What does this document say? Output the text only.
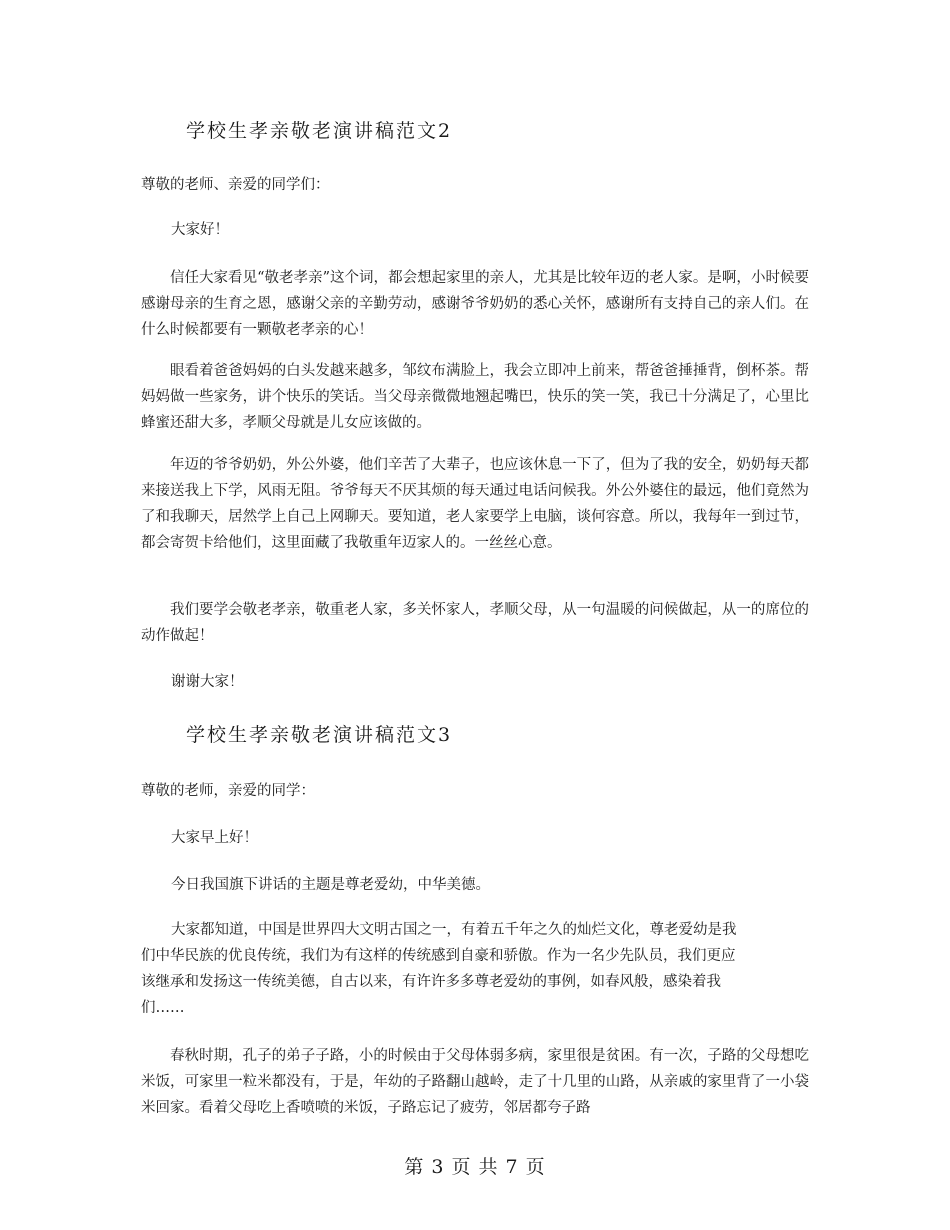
学校生孝亲敬老演讲稿范文2

尊敬的老师、亲爱的同学们：

大家好！

信任大家看见“敬老孝亲”这个词，都会想起家里的亲人，尤其是比较年迈的老人家。是啊，小时候要感谢母亲的生育之恩，感谢父亲的辛勤劳动，感谢爷爷奶奶的悉心关怀，感谢所有支持自己的亲人们。在什么时候都要有一颗敬老孝亲的心！

眼看着爸爸妈妈的白头发越来越多，邹纹布满脸上，我会立即冲上前来，帮爸爸捶捶背，倒杯茶。帮妈妈做一些家务，讲个快乐的笑话。当父母亲微微地翘起嘴巴，快乐的笑一笑，我已十分满足了，心里比蜂蜜还甜大多，孝顺父母就是儿女应该做的。

年迈的爷爷奶奶，外公外婆，他们辛苦了大辈子，也应该休息一下了，但为了我的安全，奶奶每天都来接送我上下学，风雨无阻。爷爷每天不厌其烦的每天通过电话问候我。外公外婆住的最远，他们竟然为了和我聊天，居然学上自己上网聊天。要知道，老人家要学上电脑，谈何容意。所以，我每年一到过节，都会寄贺卡给他们，这里面藏了我敬重年迈家人的。一丝丝心意。

我们要学会敬老孝亲，敬重老人家，多关怀家人，孝顺父母，从一句温暖的问候做起，从一的席位的动作做起！

谢谢大家！

学校生孝亲敬老演讲稿范文3

尊敬的老师，亲爱的同学：

大家早上好！

今日我国旗下讲话的主题是尊老爱幼，中华美德。

大家都知道，中国是世界四大文明古国之一，有着五千年之久的灿烂文化，尊老爱幼是我

们中华民族的优良传统，我们为有这样的传统感到自豪和骄傲。作为一名少先队员，我们更应

该继承和发扬这一传统美德，自古以来，有许许多多尊老爱幼的事例，如春风般，感染着我

们……

春秋时期，孔子的弟子子路，小的时候由于父母体弱多病，家里很是贫困。有一次，子路的父母想吃米饭，可家里一粒米都没有，于是，年幼的子路翻山越岭，走了十几里的山路，从亲戚的家里背了一小袋米回家。看着父母吃上香喷喷的米饭，子路忘记了疲劳，邻居都夸子路

第 3 页 共 7 页
